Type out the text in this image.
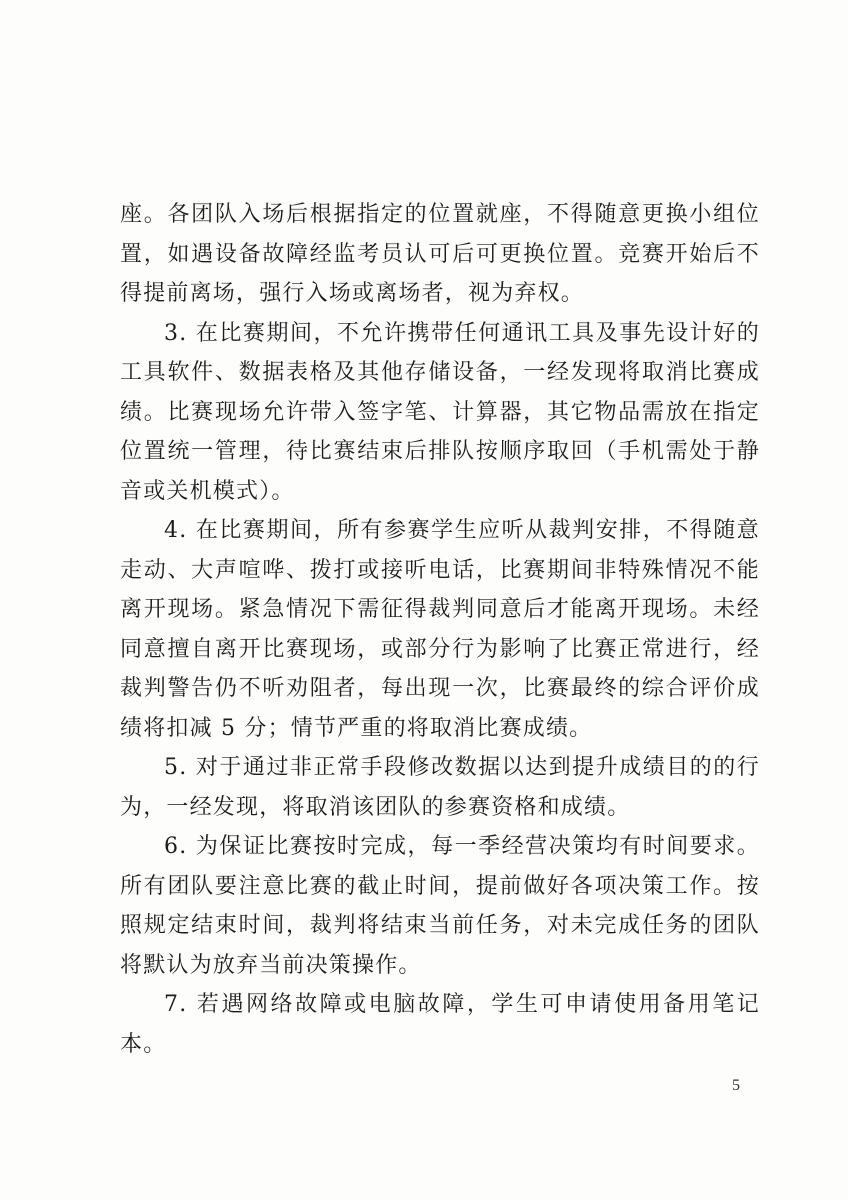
座。各团队入场后根据指定的位置就座，不得随意更换小组位置，如遇设备故障经监考员认可后可更换位置。竞赛开始后不得提前离场，强行入场或离场者，视为弃权。

3. 在比赛期间，不允许携带任何通讯工具及事先设计好的工具软件、数据表格及其他存储设备，一经发现将取消比赛成绩。比赛现场允许带入签字笔、计算器，其它物品需放在指定位置统一管理，待比赛结束后排队按顺序取回（手机需处于静音或关机模式）。

4. 在比赛期间，所有参赛学生应听从裁判安排，不得随意走动、大声喧哗、拨打或接听电话，比赛期间非特殊情况不能离开现场。紧急情况下需征得裁判同意后才能离开现场。未经同意擅自离开比赛现场，或部分行为影响了比赛正常进行，经裁判警告仍不听劝阻者，每出现一次，比赛最终的综合评价成绩将扣减 5 分；情节严重的将取消比赛成绩。

5. 对于通过非正常手段修改数据以达到提升成绩目的的行为，一经发现，将取消该团队的参赛资格和成绩。

6. 为保证比赛按时完成，每一季经营决策均有时间要求。所有团队要注意比赛的截止时间，提前做好各项决策工作。按照规定结束时间，裁判将结束当前任务，对未完成任务的团队将默认为放弃当前决策操作。

7. 若遇网络故障或电脑故障，学生可申请使用备用笔记本。

5
